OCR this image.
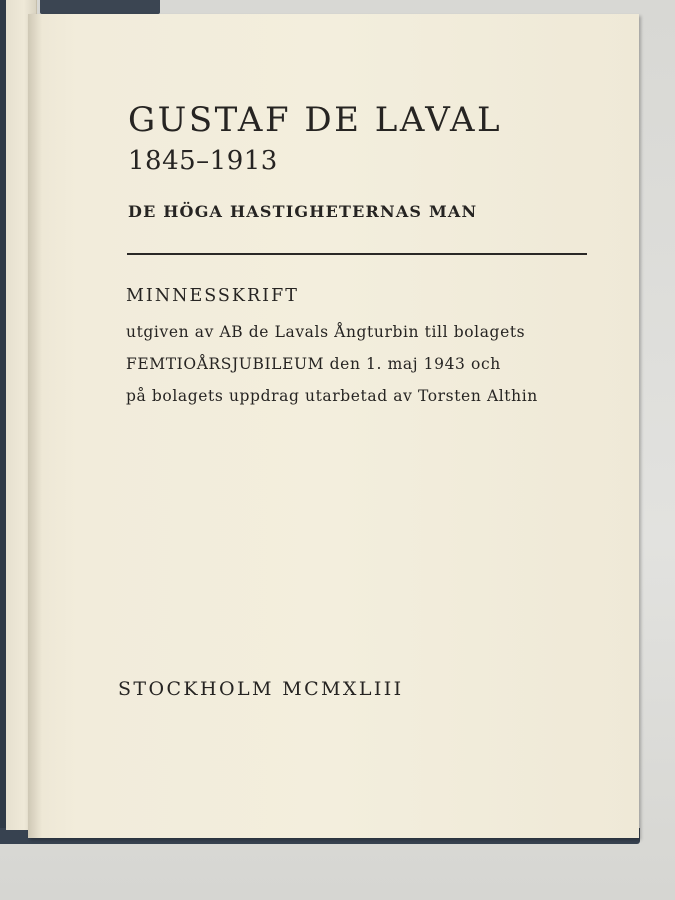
GUSTAF DE LAVAL
1845–1913
DE HÖGA HASTIGHETERNAS MAN
MINNESSKRIFT
utgiven av AB de Lavals Ångturbin till bolagets
FEMTIOÅRSJUBILEUM den 1. maj 1943 och
på bolagets uppdrag utarbetad av Torsten Althin
STOCKHOLM MCMXLIII
